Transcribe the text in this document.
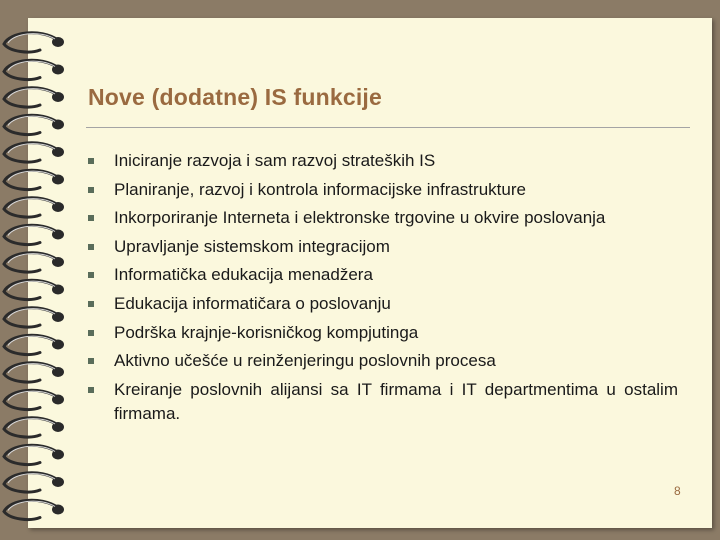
Nove (dodatne) IS funkcije
Iniciranje razvoja i sam razvoj strateških IS
Planiranje, razvoj i kontrola informacijske infrastrukture
Inkorporiranje Interneta i elektronske trgovine u okvire poslovanja
Upravljanje sistemskom integracijom
Informatička edukacija menadžera
Edukacija informatičara o poslovanju
Podrška krajnje-korisničkog kompjutinga
Aktivno učešće u reinženjeringu poslovnih procesa
Kreiranje poslovnih alijansi sa IT firmama i IT departmentima u ostalim firmama.
8
